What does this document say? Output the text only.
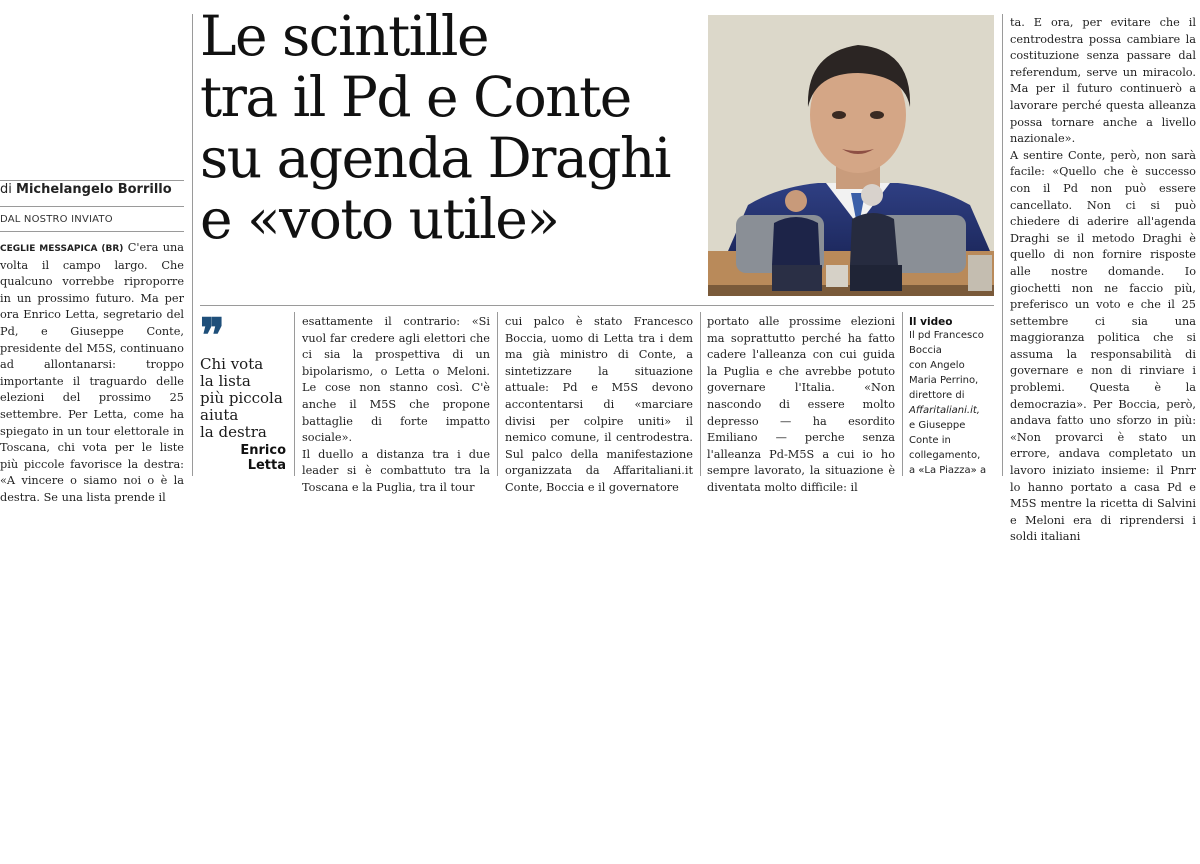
di Michelangelo Borrillo
DAL NOSTRO INVIATO

CEGLIE MESSAPICA (BR) C'era una volta il campo largo. Che qualcuno vorrebbe riproporre in un prossimo futuro. Ma per ora Enrico Letta, segretario del Pd, e Giuseppe Conte, presidente del M5S, continuano ad allontanarsi: troppo importante il traguardo delle elezioni del prossimo 25 settembre. Per Letta, come ha spiegato in un tour elettorale in Toscana, chi vota per le liste più piccole favorisce la destra: «A vincere o siamo noi o è la destra. Se una lista prende il

Le scintille
tra il Pd e Conte
su agenda Draghi
e «voto utile»

ta. E ora, per evitare che il centrodestra possa cambiare la costituzione senza passare dal referendum, serve un miracolo. Ma per il futuro continuerò a lavorare perché questa alleanza possa tornare anche a livello nazionale».
A sentire Conte, però, non sarà facile: «Quello che è successo con il Pd non può essere cancellato. Non ci si può chiedere di aderire all'agenda Draghi se il metodo Draghi è quello di non fornire risposte alle nostre domande. Io giochetti non ne faccio più, preferisco un voto e che il 25 settembre ci sia una maggioranza politica che si assuma la responsabilità di governare e non di rinviare i problemi. Questa è la democrazia». Per Boccia, però, andava fatto uno sforzo in più: «Non provarci è stato un errore, andava completato un lavoro iniziato insieme: il Pnrr lo hanno portato a casa Pd e M5S mentre la ricetta di Salvini e Meloni era di riprendersi i soldi italiani

❞
Chi vota
la lista
più piccola
aiuta
la destra
Enrico
Letta

esattamente il contrario: «Si vuol far credere agli elettori che ci sia la prospettiva di un bipolarismo, o Letta o Meloni. Le cose non stanno così. C'è anche il M5S che propone battaglie di forte impatto sociale».
Il duello a distanza tra i due leader si è combattuto tra la Toscana e la Puglia, tra il tour

cui palco è stato Francesco Boccia, uomo di Letta tra i dem ma già ministro di Conte, a sintetizzare la situazione attuale: Pd e M5S devono accontentarsi di «marciare divisi per colpire uniti» il nemico comune, il centrodestra. Sul palco della manifestazione organizzata da Affaritaliani.it Conte, Boccia e il governatore

portato alle prossime elezioni ma soprattutto perché ha fatto cadere l'alleanza con cui guida la Puglia e che avrebbe potuto governare l'Italia. «Non nascondo di essere molto depresso — ha esordito Emiliano — perche senza l'alleanza Pd-M5S a cui io ho sempre lavorato, la situazione è diventata molto difficile: il

Il video
Il pd Francesco
Boccia
con Angelo
Maria Perrino,
direttore di
Affaritaliani.it,
e Giuseppe
Conte in
collegamento,
a «La Piazza» a
